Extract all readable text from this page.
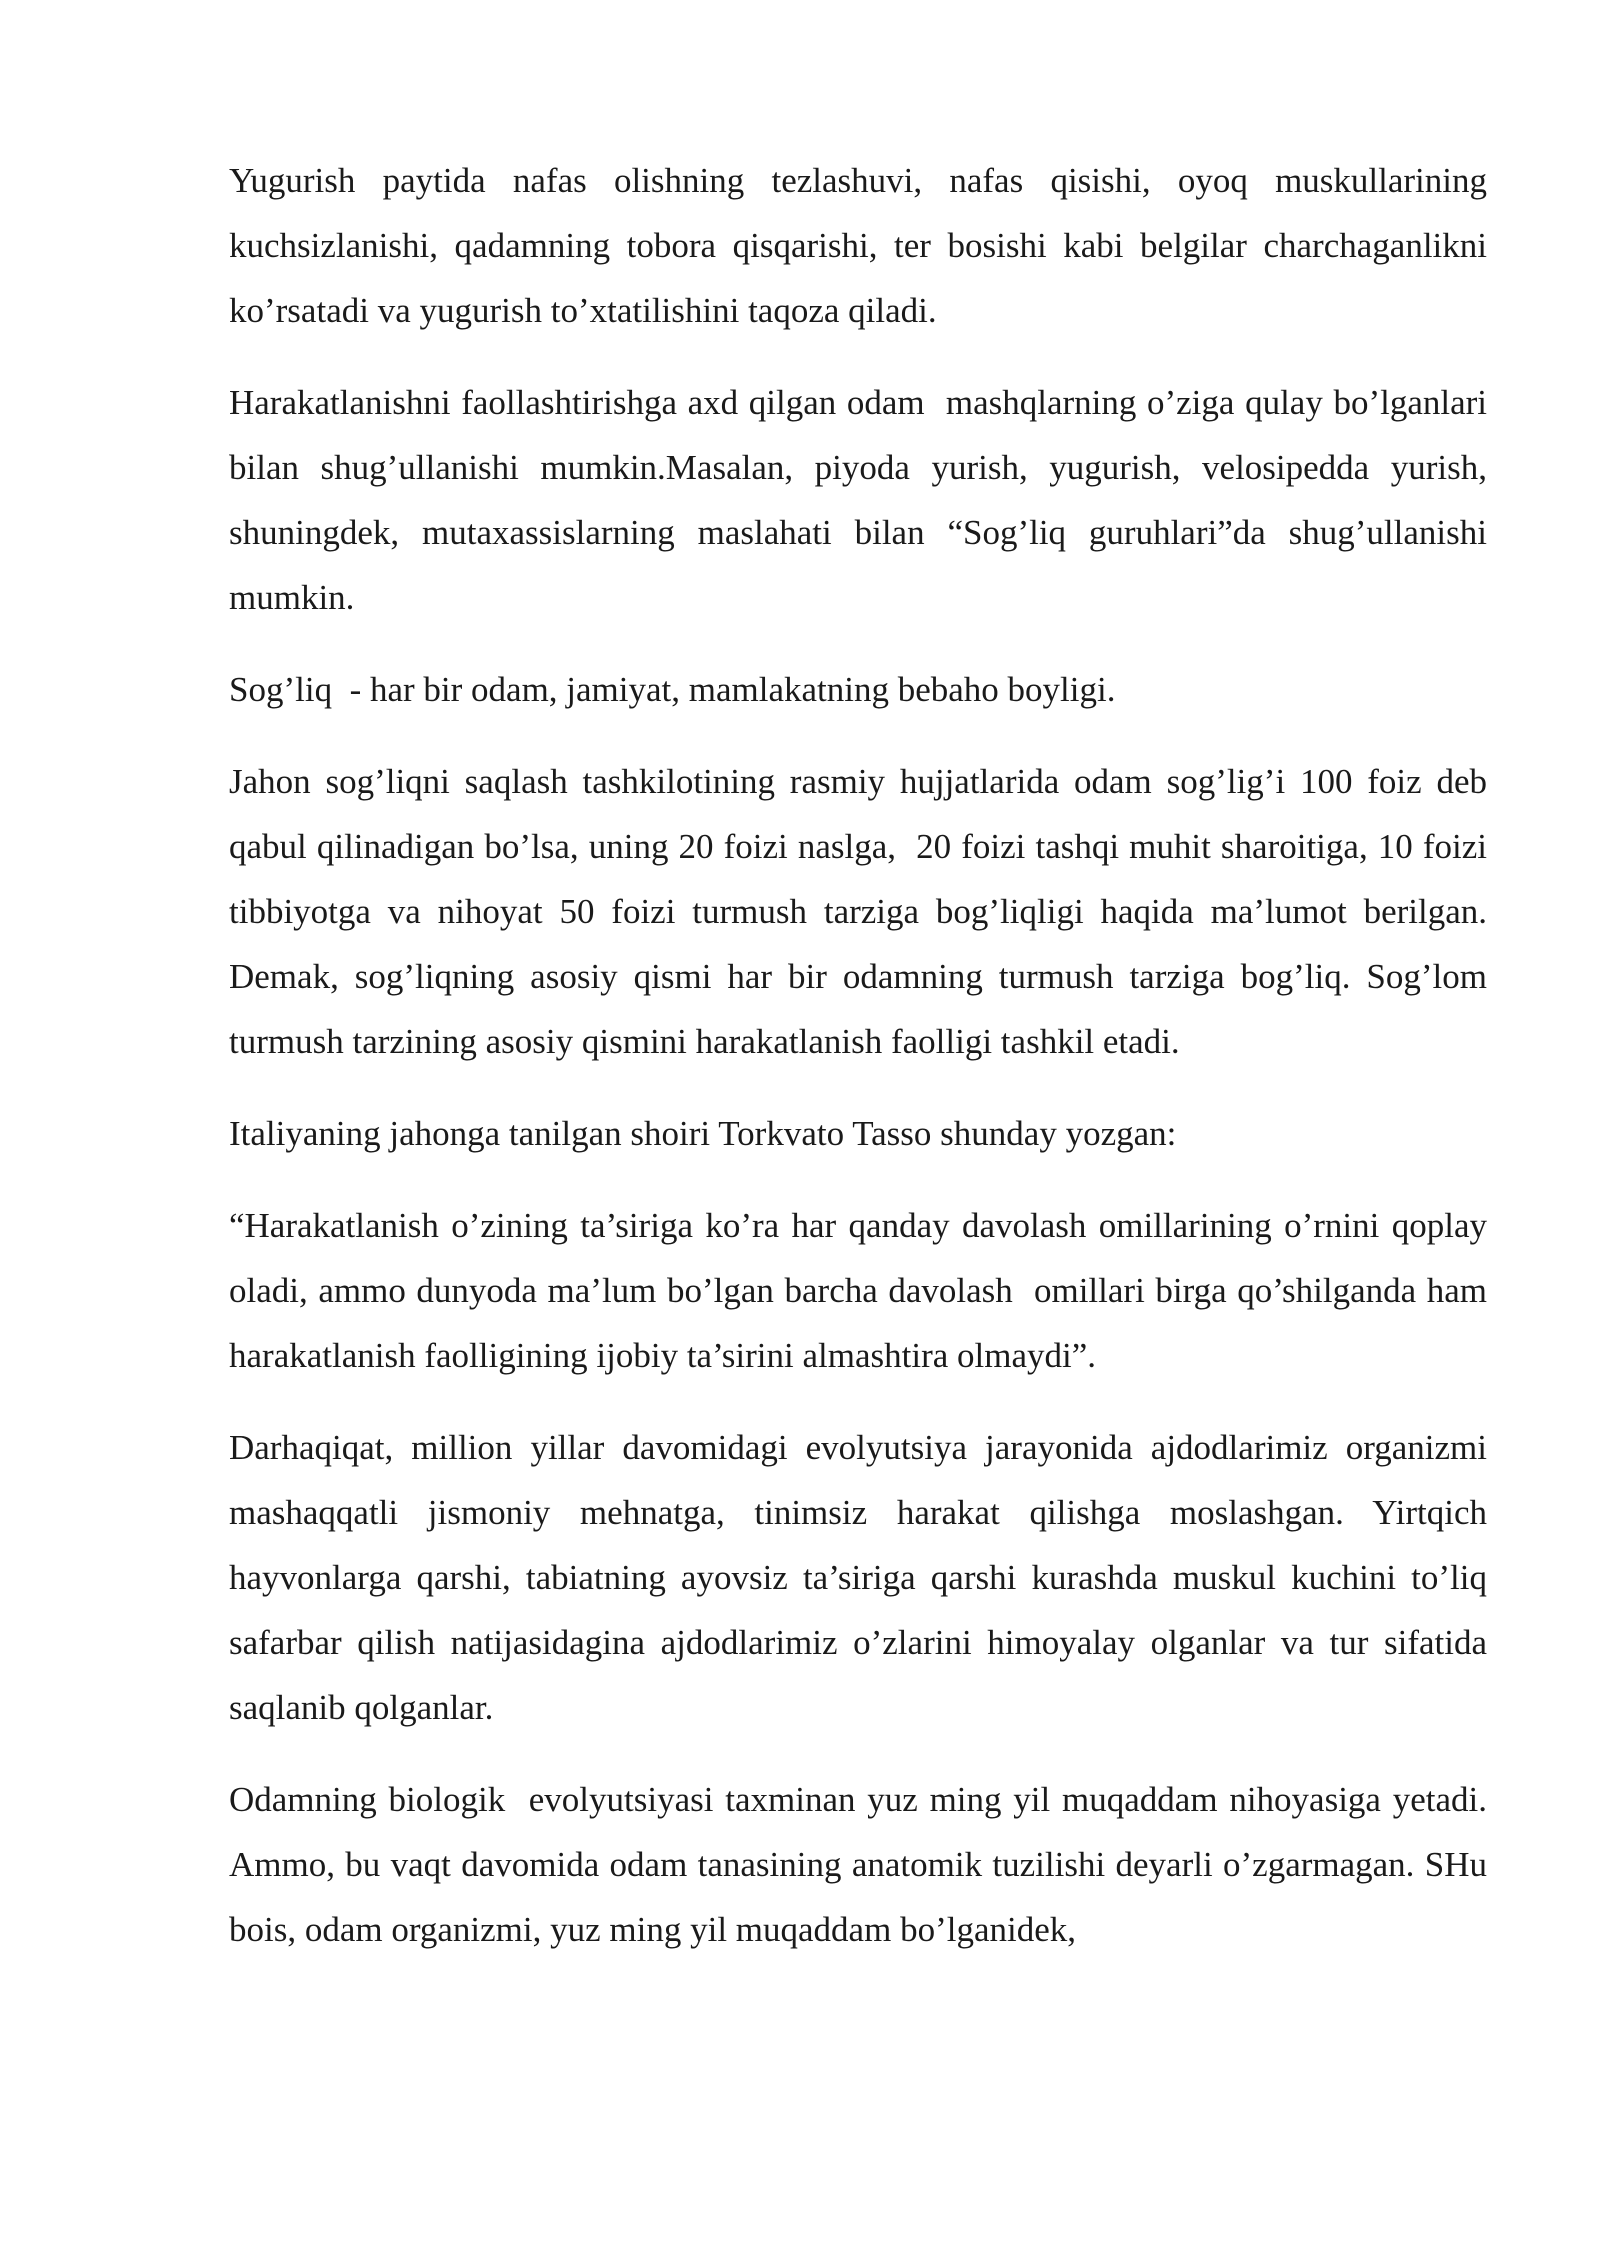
Yugurish paytida nafas olishning tezlashuvi, nafas qisishi, oyoq muskullarining kuchsizlanishi, qadamning tobora qisqarishi, ter bosishi kabi belgilar charchaganlikni ko’rsatadi va yugurish to’xtatilishini taqoza qiladi.

Harakatlanishni faollashtirishga axd qilgan odam  mashqlarning o’ziga qulay bo’lganlari bilan shug’ullanishi mumkin.Masalan, piyoda yurish, yugurish, velosipedda yurish, shuningdek, mutaxassislarning maslahati bilan “Sog’liq guruhlari”da shug’ullanishi mumkin.

Sog’liq  - har bir odam, jamiyat, mamlakatning bebaho boyligi.

Jahon sog’liqni saqlash tashkilotining rasmiy hujjatlarida odam sog’lig’i 100 foiz deb qabul qilinadigan bo’lsa, uning 20 foizi naslga,  20 foizi tashqi muhit sharoitiga, 10 foizi tibbiyotga va nihoyat 50 foizi turmush tarziga bog’liqligi haqida ma’lumot berilgan. Demak, sog’liqning asosiy qismi har bir odamning turmush tarziga bog’liq. Sog’lom turmush tarzining asosiy qismini harakatlanish faolligi tashkil etadi.

Italiyaning jahonga tanilgan shoiri Torkvato Tasso shunday yozgan:

“Harakatlanish o’zining ta’siriga ko’ra har qanday davolash omillarining o’rnini qoplay oladi, ammo dunyoda ma’lum bo’lgan barcha davolash  omillari birga qo’shilganda ham harakatlanish faolligining ijobiy ta’sirini almashtira olmaydi”.

Darhaqiqat, million yillar davomidagi evolyutsiya jarayonida ajdodlarimiz organizmi mashaqqatli jismoniy mehnatga, tinimsiz harakat qilishga moslashgan. Yirtqich hayvonlarga qarshi, tabiatning ayovsiz ta’siriga qarshi kurashda muskul kuchini to’liq safarbar qilish natijasidagina ajdodlarimiz o’zlarini himoyalay olganlar va tur sifatida saqlanib qolganlar.

Odamning biologik  evolyutsiyasi taxminan yuz ming yil muqaddam nihoyasiga yetadi. Ammo, bu vaqt davomida odam tanasining anatomik tuzilishi deyarli o’zgarmagan. SHu bois, odam organizmi, yuz ming yil muqaddam bo’lganidek,
